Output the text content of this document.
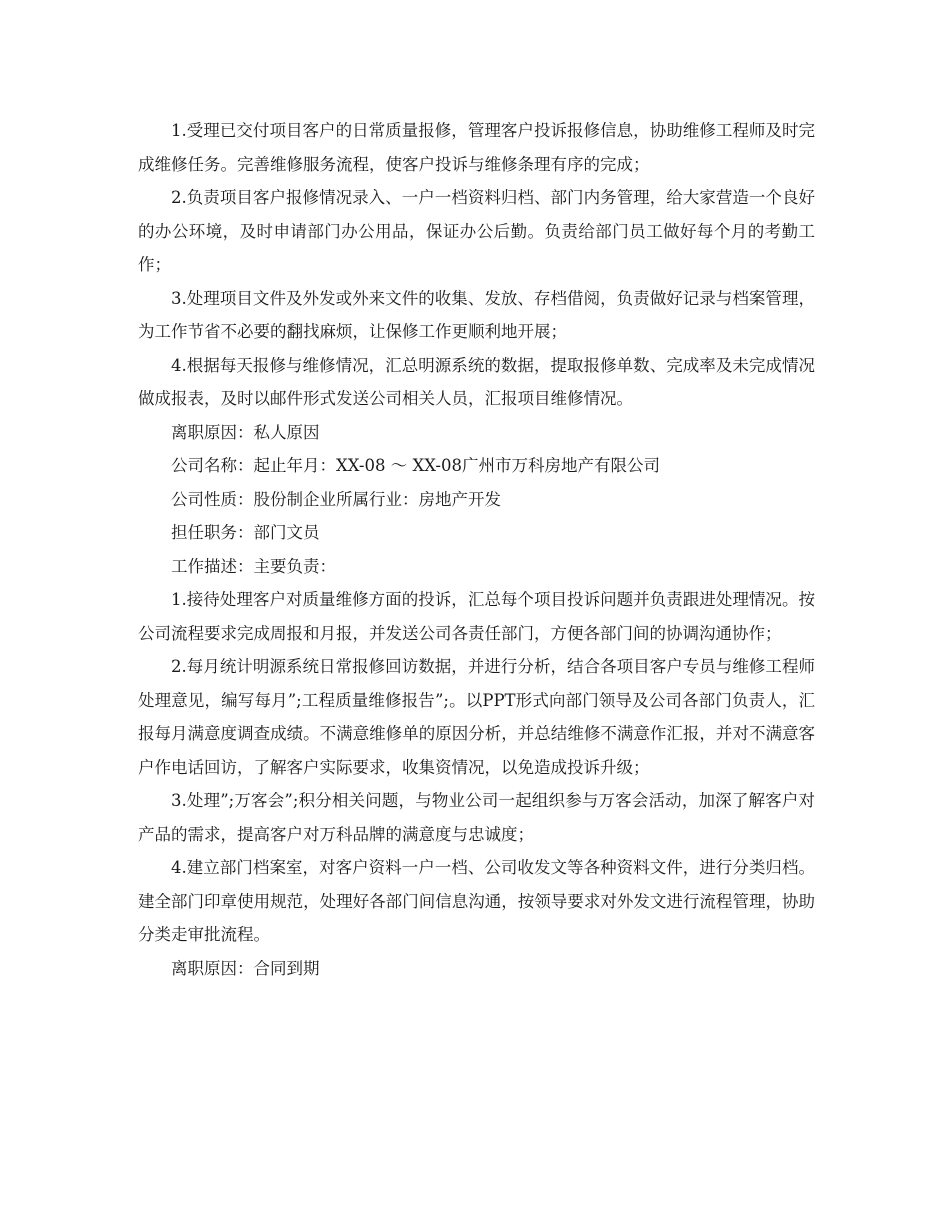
1.受理已交付项目客户的日常质量报修，管理客户投诉报修信息，协助维修工程师及时完成维修任务。完善维修服务流程，使客户投诉与维修条理有序的完成；

2.负责项目客户报修情况录入、一户一档资料归档、部门内务管理，给大家营造一个良好的办公环境，及时申请部门办公用品，保证办公后勤。负责给部门员工做好每个月的考勤工作；

3.处理项目文件及外发或外来文件的收集、发放、存档借阅，负责做好记录与档案管理，为工作节省不必要的翻找麻烦，让保修工作更顺利地开展；

4.根据每天报修与维修情况，汇总明源系统的数据，提取报修单数、完成率及未完成情况做成报表，及时以邮件形式发送公司相关人员，汇报项目维修情况。

离职原因：私人原因

公司名称：起止年月：XX-08 ～ XX-08广州市万科房地产有限公司

公司性质：股份制企业所属行业：房地产开发

担任职务：部门文员

工作描述：主要负责：

1.接待处理客户对质量维修方面的投诉，汇总每个项目投诉问题并负责跟进处理情况。按公司流程要求完成周报和月报，并发送公司各责任部门，方便各部门间的协调沟通协作；

2.每月统计明源系统日常报修回访数据，并进行分析，结合各项目客户专员与维修工程师处理意见，编写每月”;工程质量维修报告”;。以PPT形式向部门领导及公司各部门负责人，汇报每月满意度调查成绩。不满意维修单的原因分析，并总结维修不满意作汇报，并对不满意客户作电话回访，了解客户实际要求，收集资情况，以免造成投诉升级；

3.处理”;万客会”;积分相关问题，与物业公司一起组织参与万客会活动，加深了解客户对产品的需求，提高客户对万科品牌的满意度与忠诚度；

4.建立部门档案室，对客户资料一户一档、公司收发文等各种资料文件，进行分类归档。建全部门印章使用规范，处理好各部门间信息沟通，按领导要求对外发文进行流程管理，协助分类走审批流程。

离职原因：合同到期
